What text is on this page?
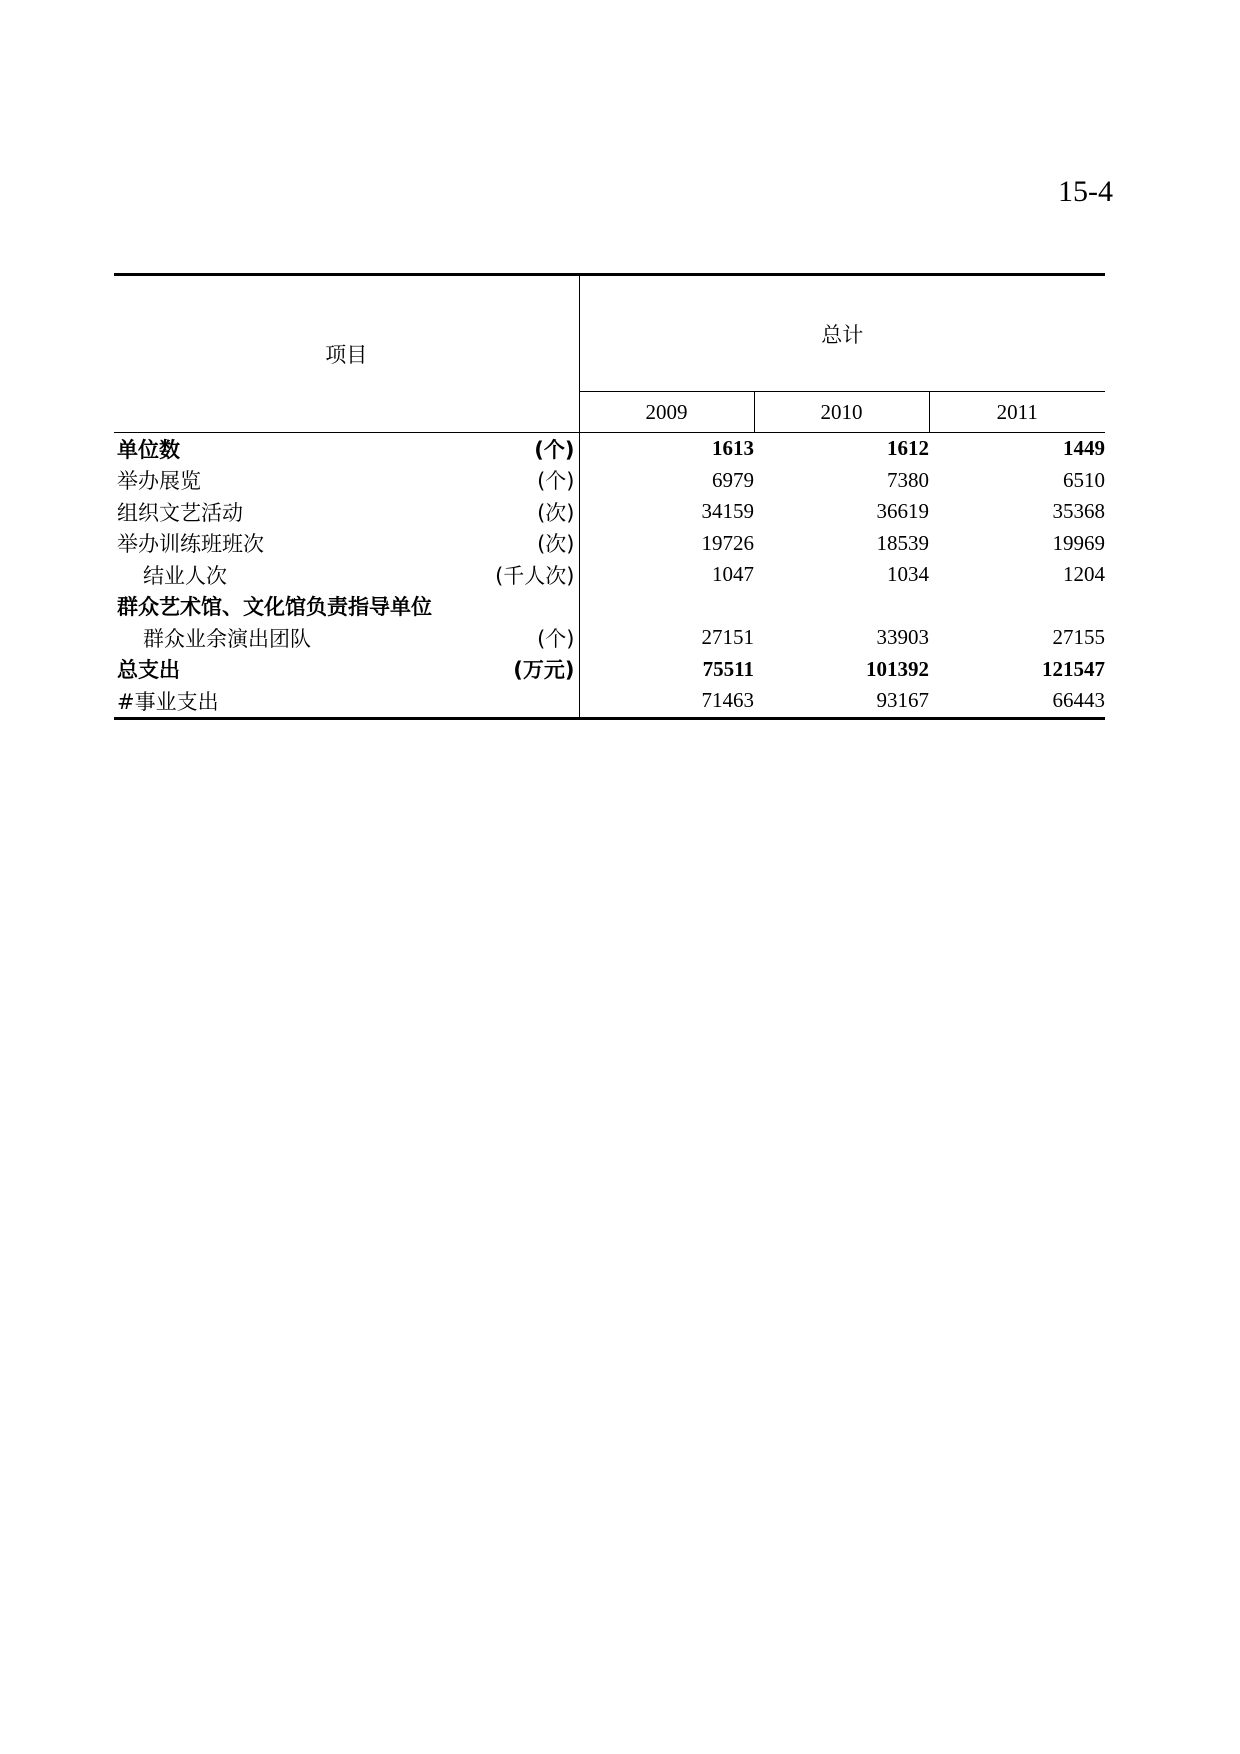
15-4
项目	总计		
	2009	2010	2011

单位数 (个)	1613	1612	1449

举办展览 (个)	6979	7380	6510

组织文艺活动 (次)	34159	36619	35368

举办训练班班次 (次)	19726	18539	19969

结业人次 (千人次)	1047	1034	1204

群众艺术馆、文化馆负责指导单位			

群众业余演出团队 (个)	27151	33903	27155

总支出 (万元)	75511	101392	121547

#事业支出	71463	93167	66443
